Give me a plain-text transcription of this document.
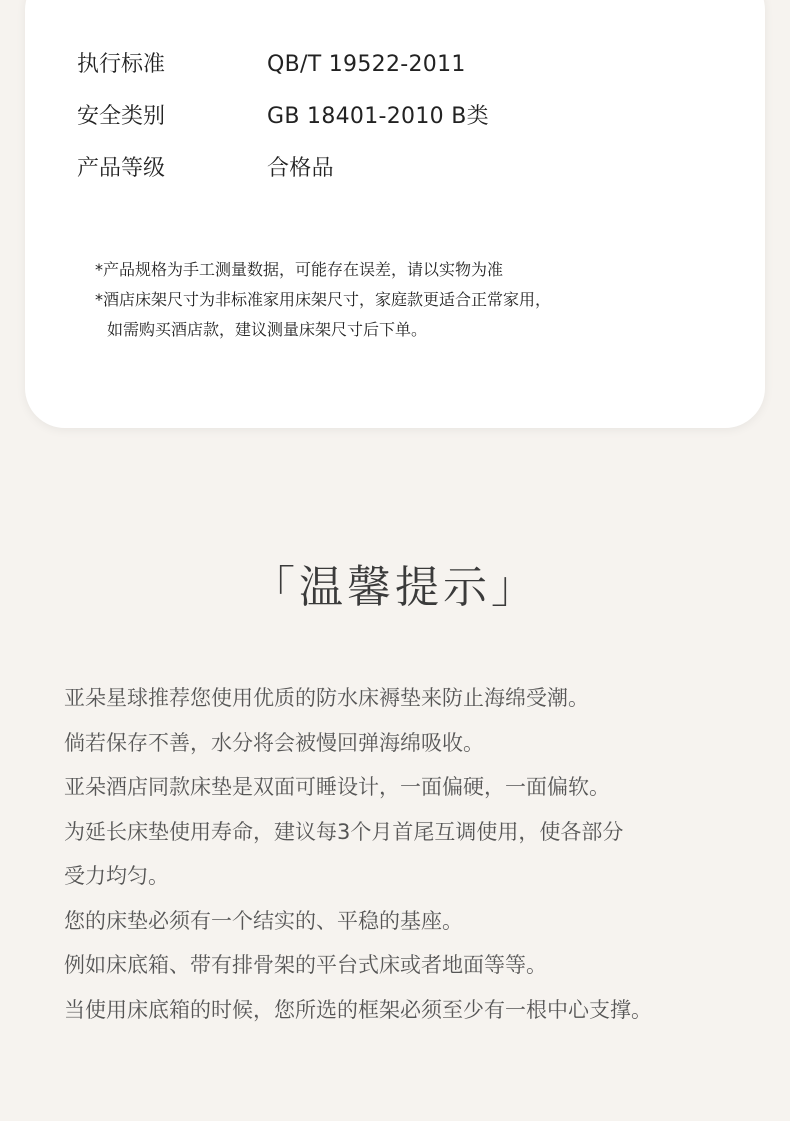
执行标准	QB/T 19522-2011
安全类别	GB 18401-2010 B类
产品等级	合格品
*产品规格为手工测量数据，可能存在误差，请以实物为准
*酒店床架尺寸为非标准家用床架尺寸，家庭款更适合正常家用，
如需购买酒店款，建议测量床架尺寸后下单。
「温馨提示」
亚朵星球推荐您使用优质的防水床褥垫来防止海绵受潮。
倘若保存不善，水分将会被慢回弹海绵吸收。
亚朵酒店同款床垫是双面可睡设计，一面偏硬，一面偏软。
为延长床垫使用寿命，建议每3个月首尾互调使用，使各部分
受力均匀。
您的床垫必须有一个结实的、平稳的基座。
例如床底箱、带有排骨架的平台式床或者地面等等。
当使用床底箱的时候，您所选的框架必须至少有一根中心支撑。
